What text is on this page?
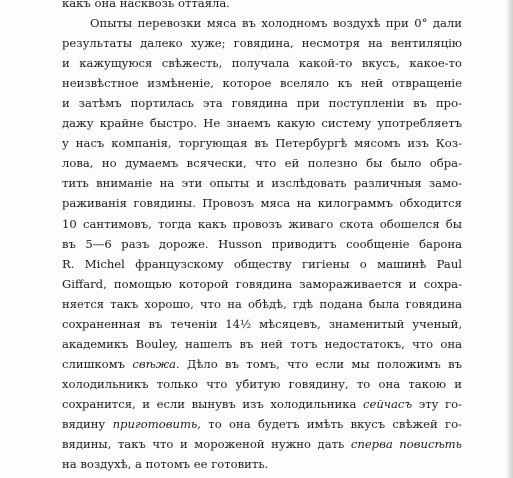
какъ она насквозь оттаяла.
Опыты перевозки мяса въ холодномъ воздухѣ при 0° дали
результаты далеко хуже; говядина, несмотря на вентиляцію
и кажущуюся свѣжесть, получала какой-то вкусъ, какое-то
неизвѣстное измѣненіе, которое вселяло къ ней отвращеніе
и затѣмъ портилась эта говядина при поступленіи въ про-
дажу крайне быстро. Не знаемъ какую систему употребляетъ
у насъ компанія, торгующая въ Петербургѣ мясомъ изъ Коз-
лова, но думаемъ всячески, что ей полезно бы было обра-
тить вниманіе на эти опыты и изслѣдовать различныя замо-
раживанія говядины. Провозъ мяса на килограммъ обходится
10 сантимовъ, тогда какъ провозъ живаго скота обошелся бы
въ 5—6 разъ дороже. Husson приводитъ сообщеніе барона
R. Michel французскому обществу гигіены о машинѣ Paul
Giffard, помощью которой говядина замораживается и сохра-
няется такъ хорошо, что на обѣдѣ, гдѣ подана была говядина
сохраненная въ теченіи 14½ мѣсяцевъ, знаменитый ученый,
академикъ Bouley, нашелъ въ ней тотъ недостатокъ, что она
слишкомъ свѣжа. Дѣло въ томъ, что если мы положимъ въ
холодильникъ только что убитую говядину, то она такою и
сохранится, и если вынувъ изъ холодильника сейчасъ эту го-
вядину приготовить, то она будетъ имѣть вкусъ свѣжей го-
вядины, такъ что и мороженой нужно дать сперва повисѣть
на воздухѣ, а потомъ ее готовить.
